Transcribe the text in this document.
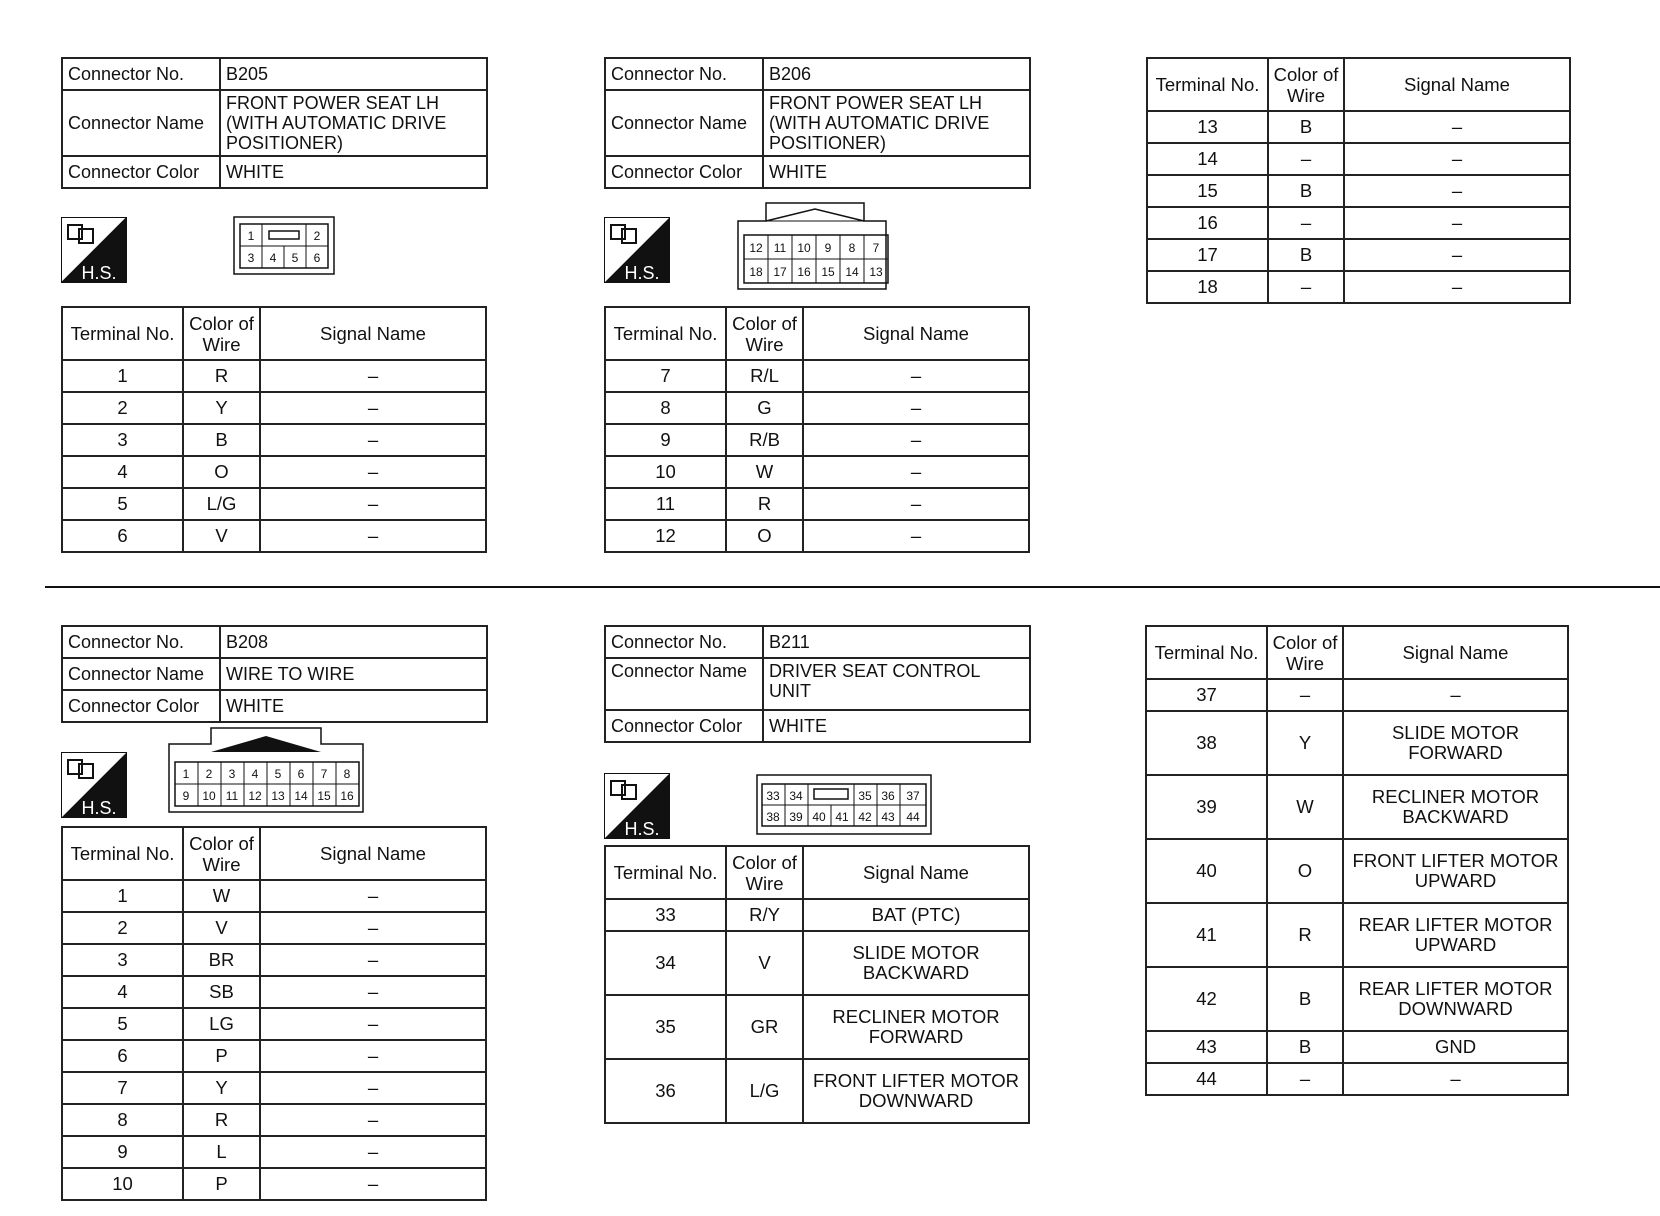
Connector No.	B205
Connector Name	FRONT POWER SEAT LH (WITH AUTOMATIC DRIVE POSITIONER)
Connector Color	WHITE
H.S.
1	2
3 4 5 6
Terminal No.	Color of Wire	Signal Name
1	R	–
2	Y	–
3	B	–
4	O	–
5	L/G	–
6	V	–
Connector No.	B206
Connector Name	FRONT POWER SEAT LH (WITH AUTOMATIC DRIVE POSITIONER)
Connector Color	WHITE
H.S.
12 11 10 9 8 7
18 17 16 15 14 13
Terminal No.	Color of Wire	Signal Name
7	R/L	–
8	G	–
9	R/B	–
10	W	–
11	R	–
12	O	–
Terminal No.	Color of Wire	Signal Name
13	B	–
14	–	–
15	B	–
16	–	–
17	B	–
18	–	–
Connector No.	B208
Connector Name	WIRE TO WIRE
Connector Color	WHITE
H.S.
1 2 3 4 5 6 7 8
9 10 11 12 13 14 15 16
Terminal No.	Color of Wire	Signal Name
1	W	–
2	V	–
3	BR	–
4	SB	–
5	LG	–
6	P	–
7	Y	–
8	R	–
9	L	–
10	P	–
Connector No.	B211
Connector Name	DRIVER SEAT CONTROL UNIT
Connector Color	WHITE
H.S.
33 34	35 36 37
38 39 40 41 42 43 44
Terminal No.	Color of Wire	Signal Name
33	R/Y	BAT (PTC)
34	V	SLIDE MOTOR BACKWARD
35	GR	RECLINER MOTOR FORWARD
36	L/G	FRONT LIFTER MOTOR DOWNWARD
Terminal No.	Color of Wire	Signal Name
37	–	–
38	Y	SLIDE MOTOR FORWARD
39	W	RECLINER MOTOR BACKWARD
40	O	FRONT LIFTER MOTOR UPWARD
41	R	REAR LIFTER MOTOR UPWARD
42	B	REAR LIFTER MOTOR DOWNWARD
43	B	GND
44	–	–
